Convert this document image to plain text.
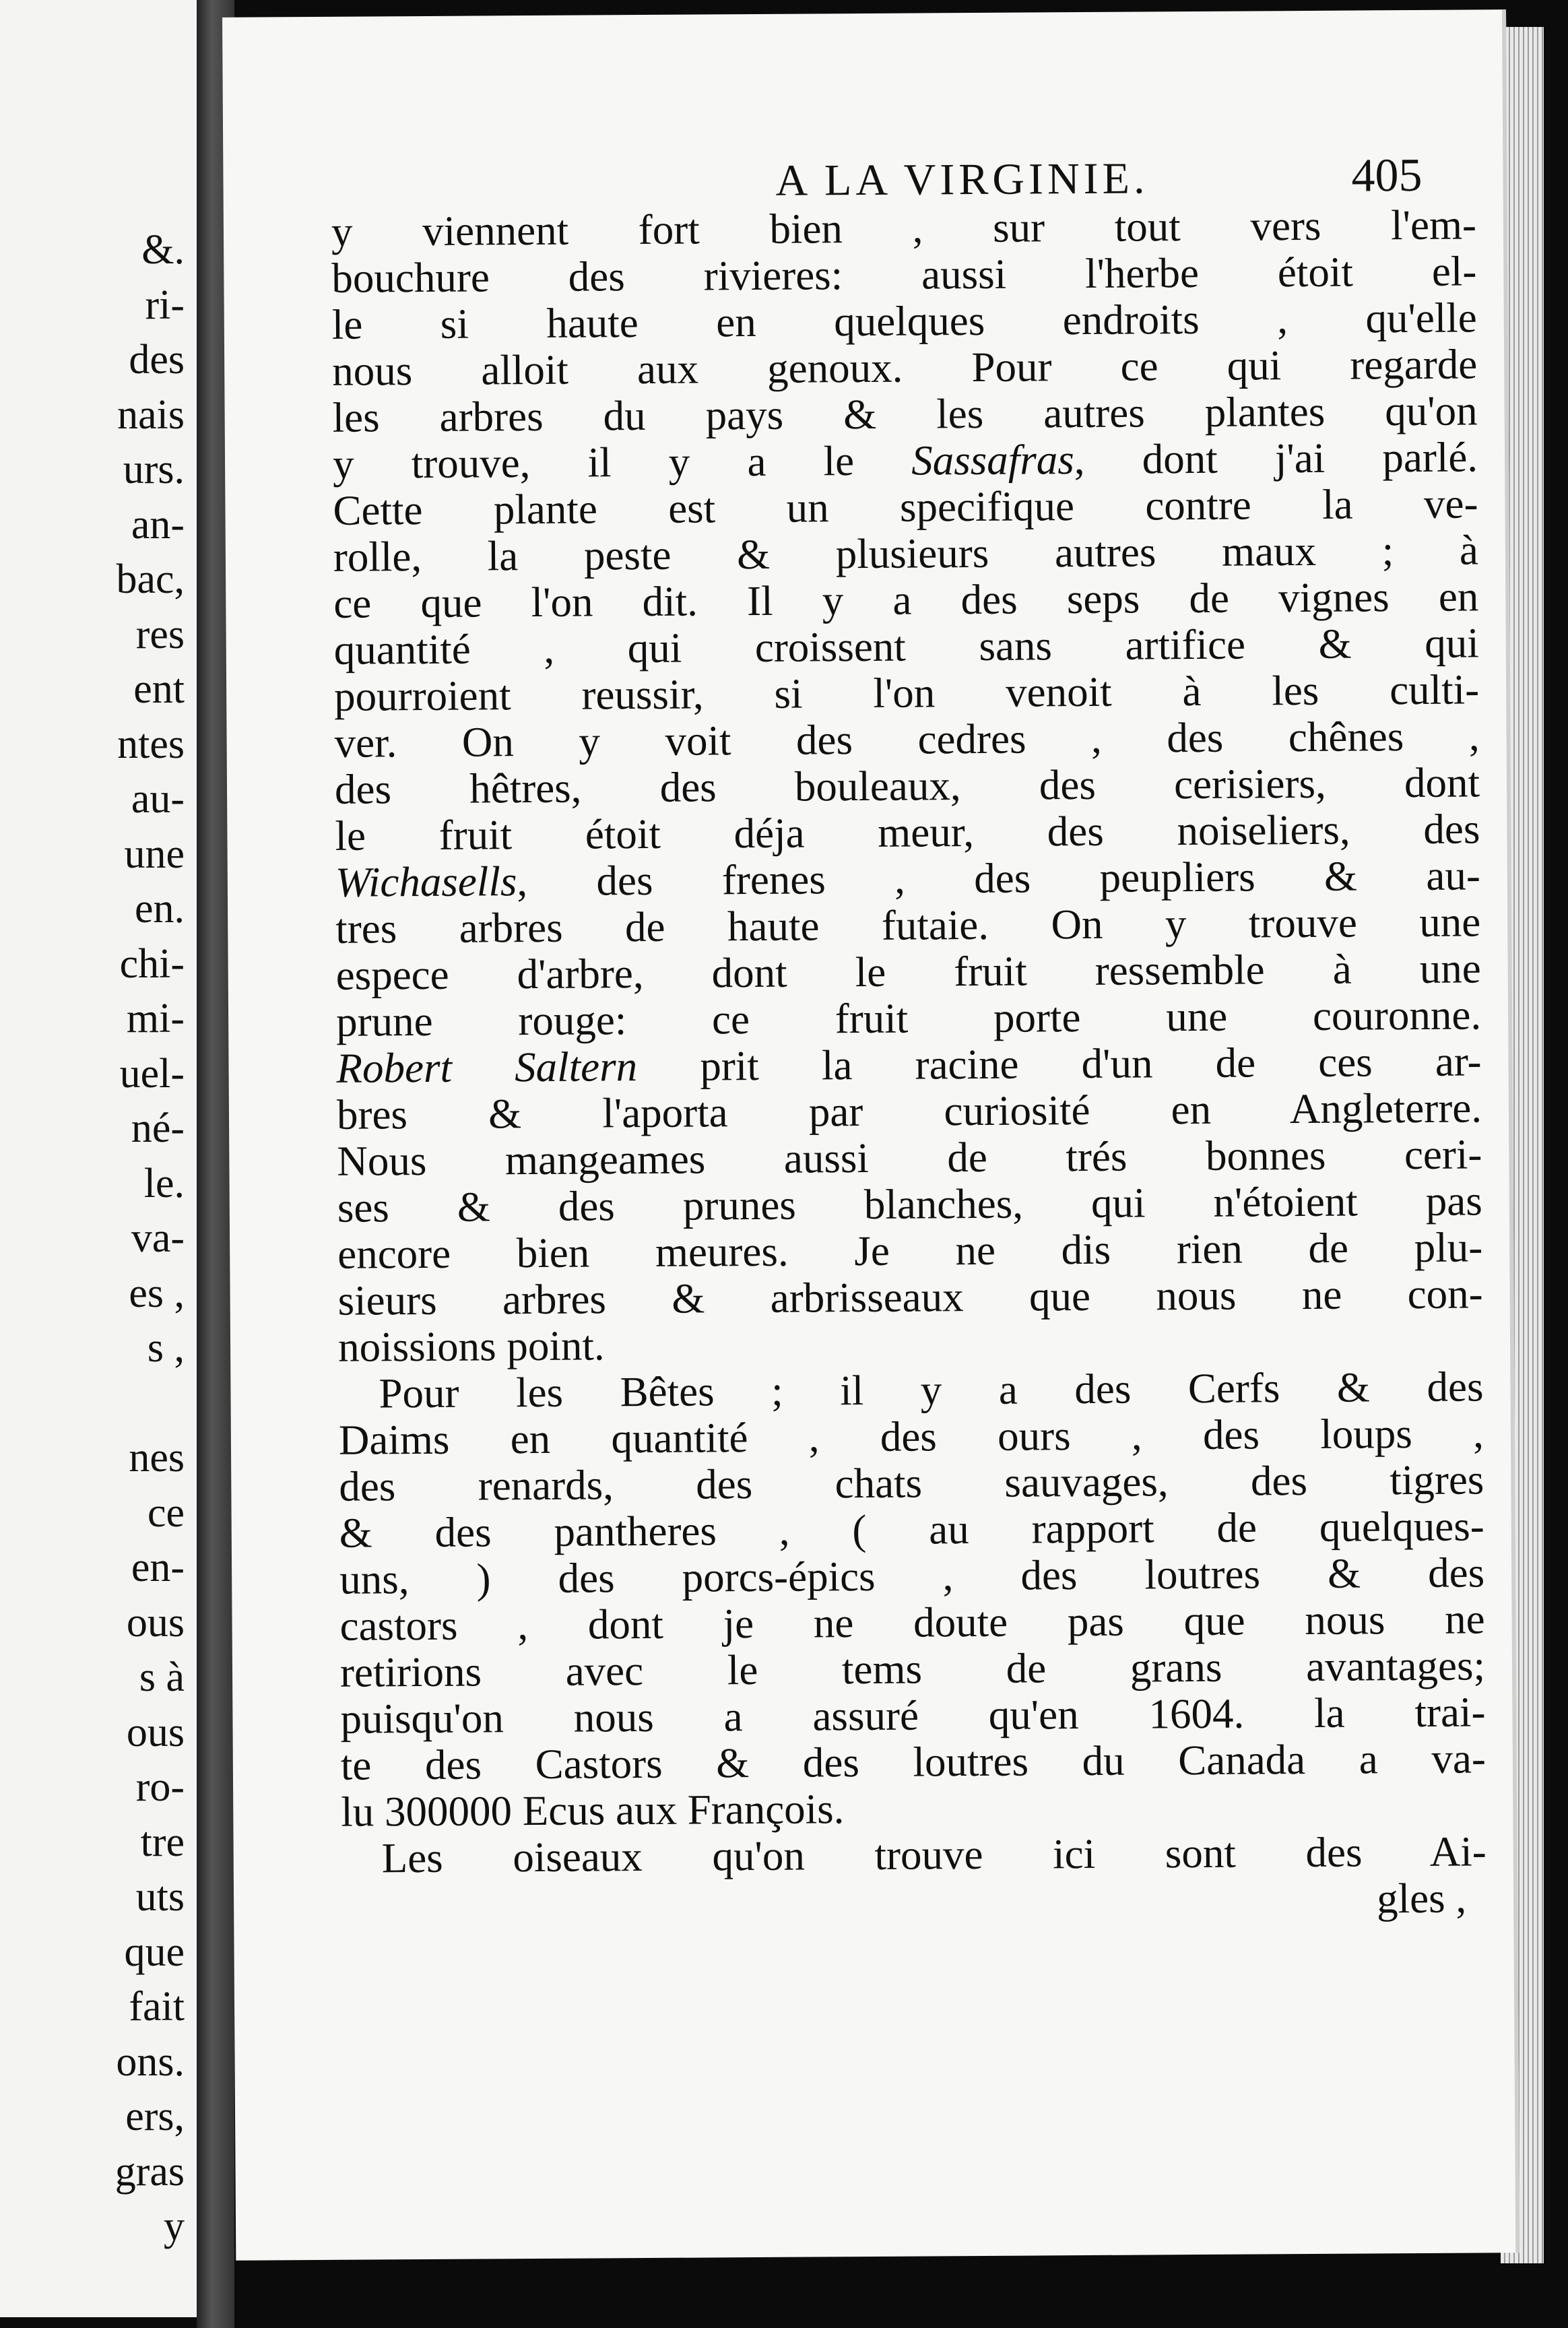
&.
ri-
des
nais
urs.
an-
bac,
res
ent
ntes
au-
une
en.
chi-
mi-
uel-
né-
le.
va-
es ,
s ,
nes
ce
en-
ous
s à
ous
ro-
tre
uts
que
fait
ons.
ers,
gras
y
A LA VIRGINIE.	405
y viennent fort bien , sur tout vers l'em-
bouchure des rivieres: aussi l'herbe étoit el-
le si haute en quelques endroits , qu'elle
nous alloit aux genoux. Pour ce qui regarde
les arbres du pays & les autres plantes qu'on
y trouve, il y a le Sassafras, dont j'ai parlé.
Cette plante est un specifique contre la ve-
rolle, la peste & plusieurs autres maux ; à
ce que l'on dit. Il y a des seps de vignes en
quantité , qui croissent sans artifice & qui
pourroient reussir, si l'on venoit à les culti-
ver. On y voit des cedres , des chênes ,
des hêtres, des bouleaux, des cerisiers, dont
le fruit étoit déja meur, des noiseliers, des
Wichasells, des frenes , des peupliers & au-
tres arbres de haute futaie. On y trouve une
espece d'arbre, dont le fruit ressemble à une
prune rouge: ce fruit porte une couronne.
Robert Saltern prit la racine d'un de ces ar-
bres & l'aporta par curiosité en Angleterre.
Nous mangeames aussi de trés bonnes ceri-
ses & des prunes blanches, qui n'étoient pas
encore bien meures. Je ne dis rien de plu-
sieurs arbres & arbrisseaux que nous ne con-
noissions point.
Pour les Bêtes ; il y a des Cerfs & des
Daims en quantité , des ours , des loups ,
des renards, des chats sauvages, des tigres
& des pantheres , ( au rapport de quelques-
uns, ) des porcs-épics , des loutres & des
castors , dont je ne doute pas que nous ne
retirions avec le tems de grans avantages;
puisqu'on nous a assuré qu'en 1604. la trai-
te des Castors & des loutres du Canada a va-
lu 300000 Ecus aux François.
Les oiseaux qu'on trouve ici sont des Ai-
gles ,
